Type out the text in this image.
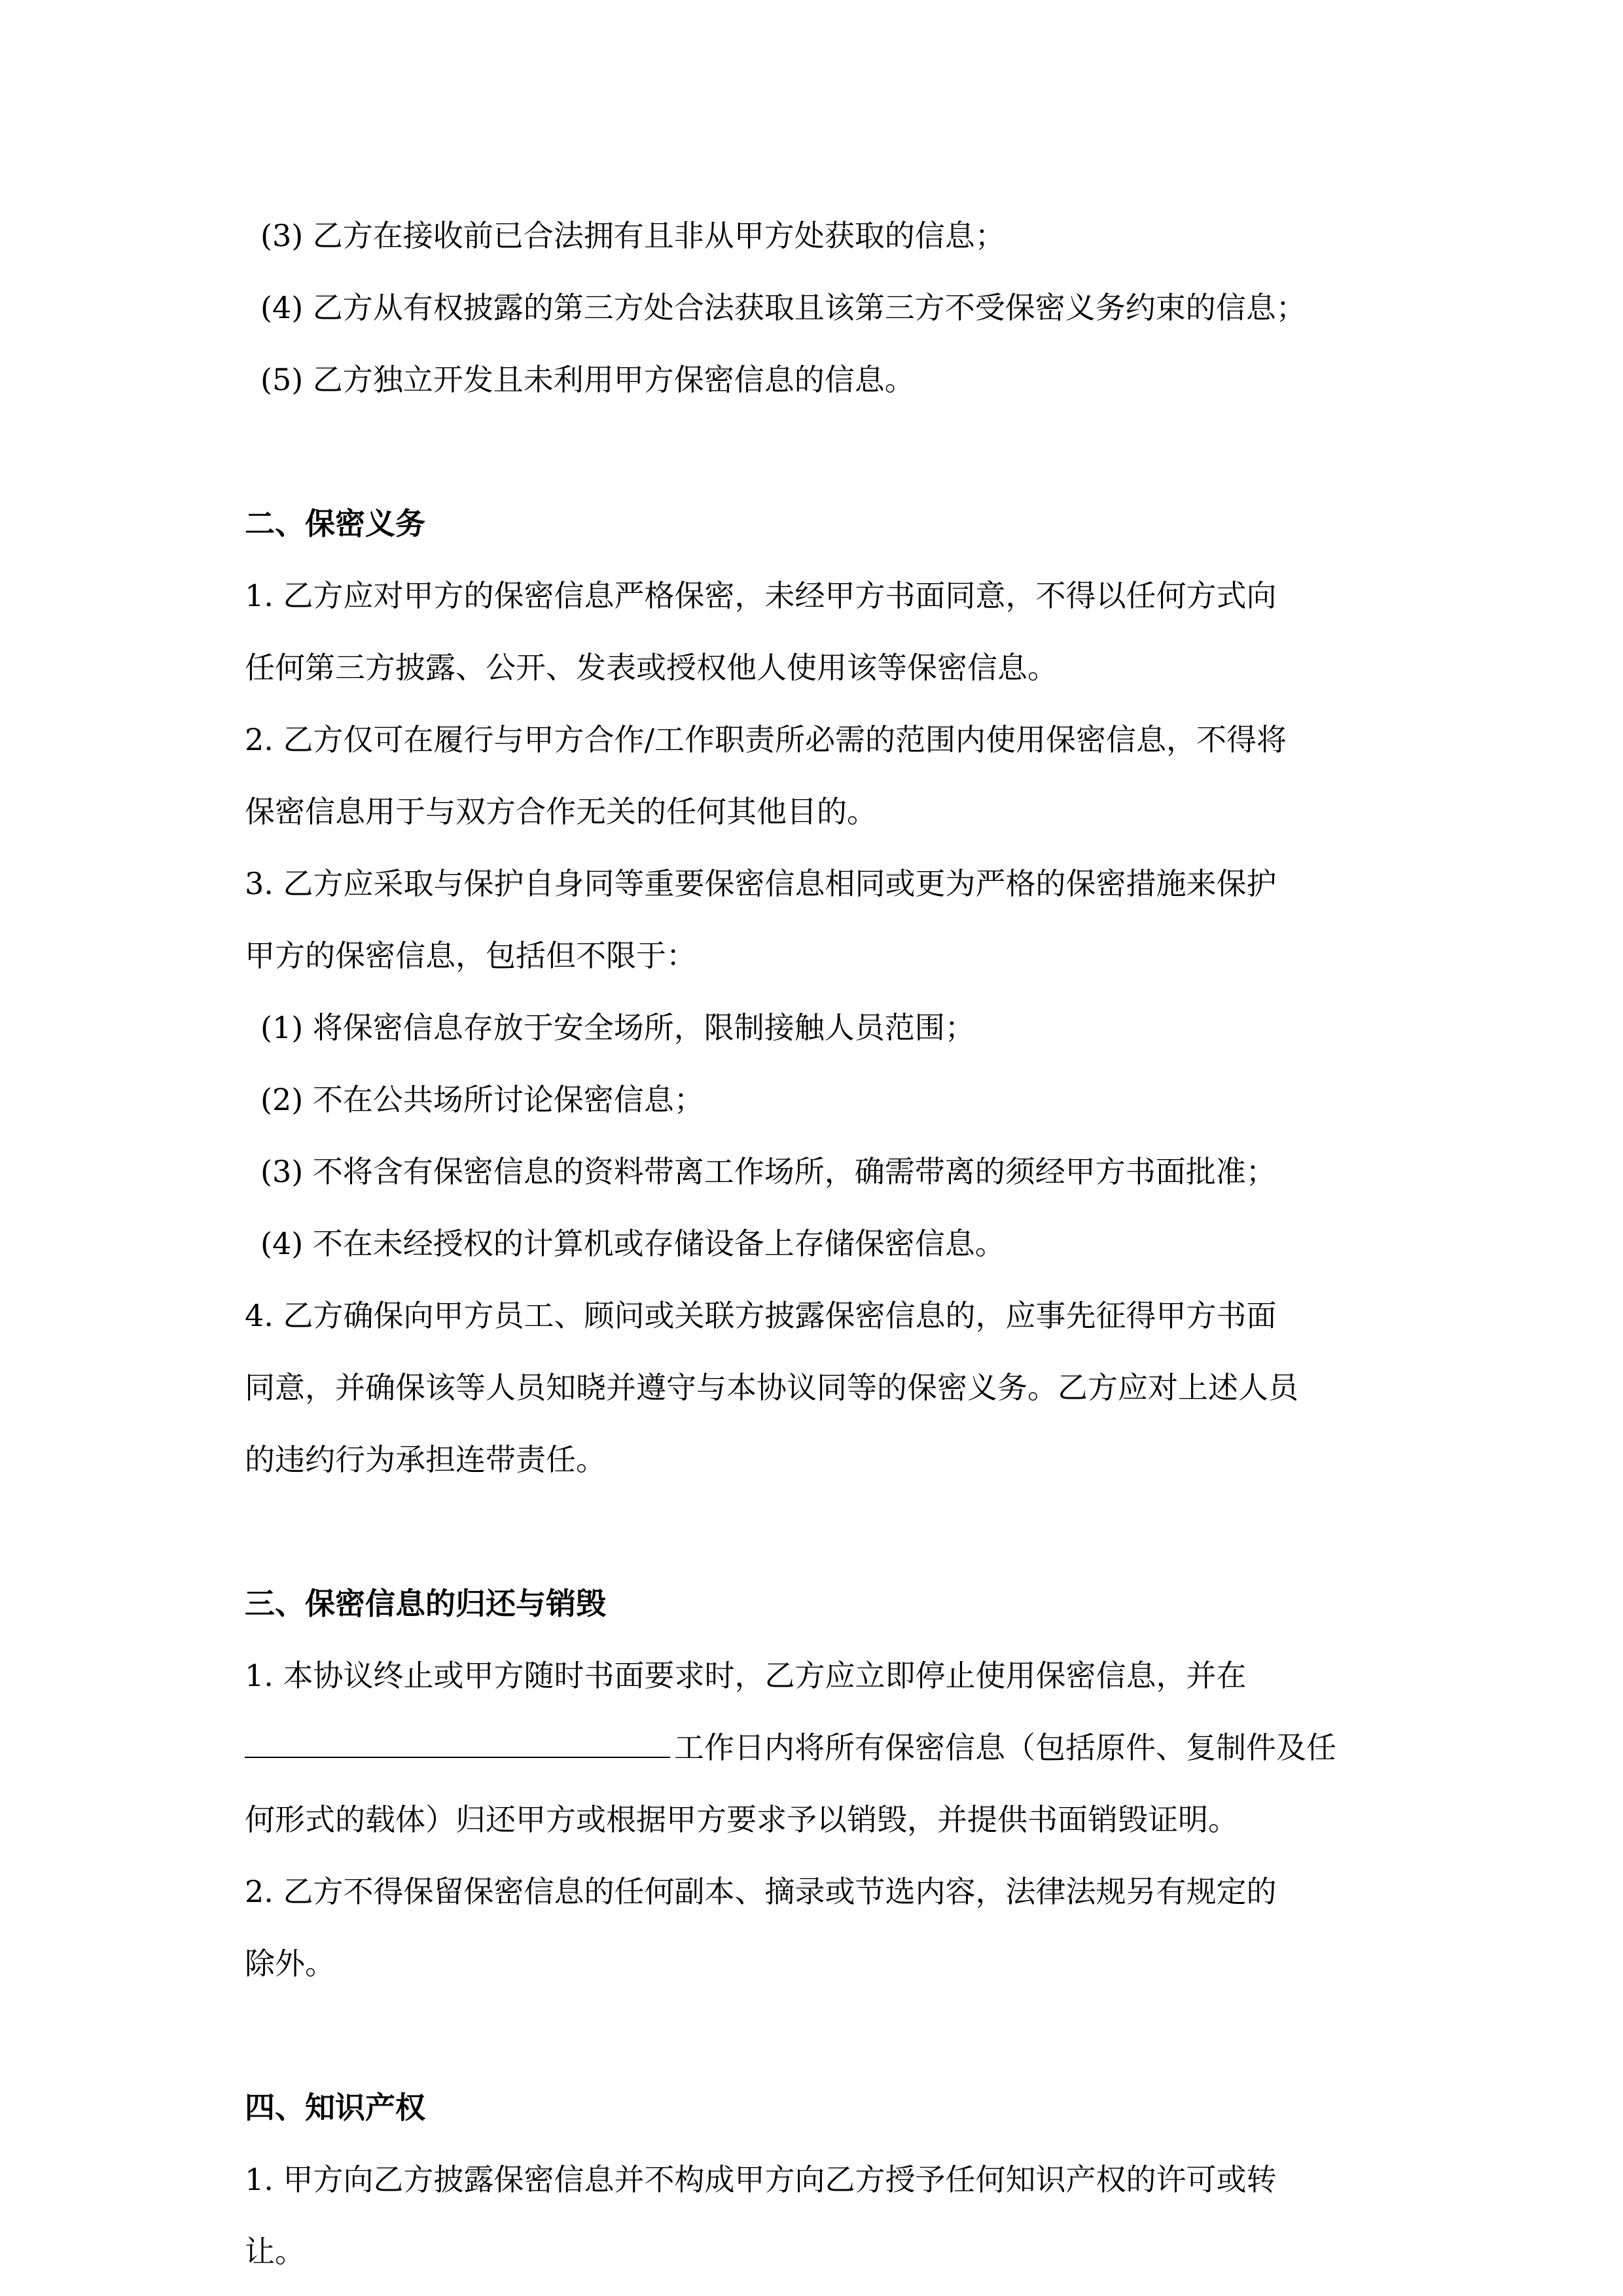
(3) 乙方在接收前已合法拥有且非从甲方处获取的信息；

(4) 乙方从有权披露的第三方处合法获取且该第三方不受保密义务约束的信息；

(5) 乙方独立开发且未利用甲方保密信息的信息。

二、保密义务

1. 乙方应对甲方的保密信息严格保密，未经甲方书面同意，不得以任何方式向

任何第三方披露、公开、发表或授权他人使用该等保密信息。

2. 乙方仅可在履行与甲方合作/工作职责所必需的范围内使用保密信息，不得将

保密信息用于与双方合作无关的任何其他目的。

3. 乙方应采取与保护自身同等重要保密信息相同或更为严格的保密措施来保护

甲方的保密信息，包括但不限于：

(1) 将保密信息存放于安全场所，限制接触人员范围；

(2) 不在公共场所讨论保密信息；

(3) 不将含有保密信息的资料带离工作场所，确需带离的须经甲方书面批准；

(4) 不在未经授权的计算机或存储设备上存储保密信息。

4. 乙方确保向甲方员工、顾问或关联方披露保密信息的，应事先征得甲方书面

同意，并确保该等人员知晓并遵守与本协议同等的保密义务。乙方应对上述人员

的违约行为承担连带责任。

三、保密信息的归还与销毁

1. 本协议终止或甲方随时书面要求时，乙方应立即停止使用保密信息，并在

工作日内将所有保密信息（包括原件、复制件及任

何形式的载体）归还甲方或根据甲方要求予以销毁，并提供书面销毁证明。

2. 乙方不得保留保密信息的任何副本、摘录或节选内容，法律法规另有规定的

除外。

四、知识产权

1. 甲方向乙方披露保密信息并不构成甲方向乙方授予任何知识产权的许可或转

让。
